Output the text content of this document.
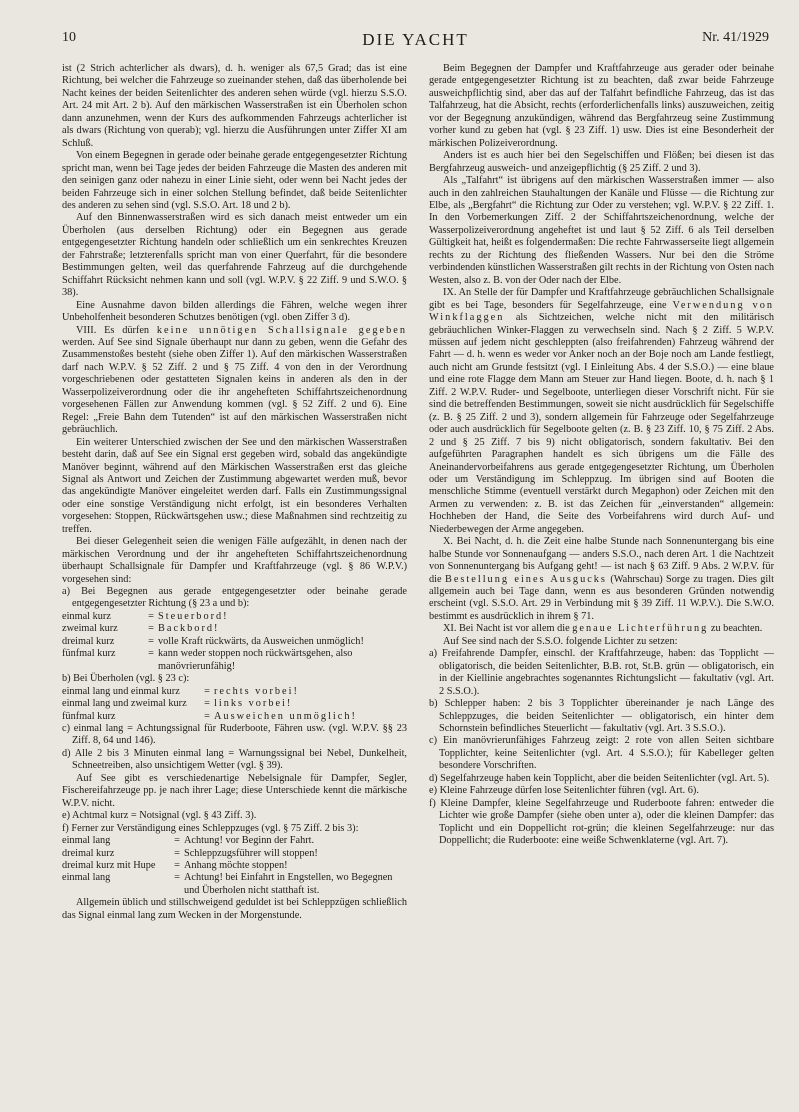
10	DIE YACHT	Nr. 41/1929

ist (2 Strich achterlicher als dwars), d. h. weniger als 67,5 Grad; das ist eine Richtung, bei welcher die Fahrzeuge so zueinander stehen, daß das überholende bei Nacht keines der beiden Seitenlichter des anderen sehen würde (vgl. hierzu S.S.O. Art. 24 mit Art. 2 b). Auf den märkischen Wasserstraßen ist ein Überholen schon dann anzunehmen, wenn der Kurs des aufkommenden Fahrzeugs achterlicher ist als dwars (Richtung von querab); vgl. hierzu die Ausführungen unter Ziffer XI am Schluß.

Von einem Begegnen in gerade oder beinahe gerade entgegengesetzter Richtung spricht man, wenn bei Tage jedes der beiden Fahrzeuge die Masten des anderen mit den seinigen ganz oder nahezu in einer Linie sieht, oder wenn bei Nacht jedes der beiden Fahrzeuge sich in einer solchen Stellung befindet, daß beide Seitenlichter des anderen zu sehen sind (vgl. S.S.O. Art. 18 und 2 b).

Auf den Binnenwasserstraßen wird es sich danach meist entweder um ein Überholen (aus derselben Richtung) oder ein Begegnen aus gerade entgegengesetzter Richtung handeln oder schließlich um ein senkrechtes Kreuzen der Fahrstraße; letzterenfalls spricht man von einer Querfahrt, für die besondere Bestimmungen gelten, weil das querfahrende Fahrzeug auf die durchgehende Schiffahrt Rücksicht nehmen kann und soll (vgl. W.P.V. § 22 Ziff. 9 und S.W.O. § 38).

Eine Ausnahme davon bilden allerdings die Fähren, welche wegen ihrer Unbeholfenheit besonderen Schutzes benötigen (vgl. oben Ziffer 3 d).

VIII. Es dürfen keine unnötigen Schallsignale gegeben werden. Auf See sind Signale überhaupt nur dann zu geben, wenn die Gefahr des Zusammenstoßes besteht (siehe oben Ziffer 1). Auf den märkischen Wasserstraßen darf nach W.P.V. § 52 Ziff. 2 und § 75 Ziff. 4 von den in der Verordnung vorgeschriebenen oder gestatteten Signalen keins in anderen als den in der Wasserpolizeiverordnung oder die ihr angehefteten Schiffahrtszeichenordnung vorgesehenen Fällen zur Anwendung kommen (vgl. § 52 Ziff. 2 und 6). Eine Regel: „Freie Bahn dem Tutenden“ ist auf den märkischen Wasserstraßen nicht gebräuchlich.

Ein weiterer Unterschied zwischen der See und den märkischen Wasserstraßen besteht darin, daß auf See ein Signal erst gegeben wird, sobald das angekündigte Manöver beginnt, während auf den Märkischen Wasserstraßen erst das gleiche Signal als Antwort und Zeichen der Zustimmung abgewartet werden muß, bevor das angekündigte Manöver eingeleitet werden darf. Falls ein Zustimmungssignal oder eine sonstige Verständigung nicht erfolgt, ist ein besonderes Verhalten vorgesehen: Stoppen, Rückwärtsgehen usw.; diese Maßnahmen sind rechtzeitig zu treffen.

Bei dieser Gelegenheit seien die wenigen Fälle aufgezählt, in denen nach der märkischen Verordnung und der ihr angehefteten Schiffahrtszeichenordnung überhaupt Schallsignale für Dampfer und Kraftfahrzeuge (vgl. § 86 W.P.V.) vorgesehen sind:

a) Bei Begegnen aus gerade entgegengesetzter oder beinahe gerade entgegengesetzter Richtung (§ 23 a und b):
einmal kurz	= Steuerbord!
zweimal kurz	= Backbord!
dreimal kurz	= volle Kraft rückwärts, da Ausweichen unmöglich!
fünfmal kurz	= kann weder stoppen noch rückwärtsgehen, also manövrierunfähig!
b) Bei Überholen (vgl. § 23 c):
einmal lang und einmal kurz	= rechts vorbei!
einmal lang und zweimal kurz	= links vorbei!
fünfmal kurz	= Ausweichen unmöglich!
c) einmal lang = Achtungssignal für Ruderboote, Fähren usw. (vgl. W.P.V. §§ 23 Ziff. 8, 64 und 146).
d) Alle 2 bis 3 Minuten einmal lang = Warnungssignal bei Nebel, Dunkelheit, Schneetreiben, also unsichtigem Wetter (vgl. § 39).

Auf See gibt es verschiedenartige Nebelsignale für Dampfer, Segler, Fischereifahrzeuge pp. je nach ihrer Lage; diese Unterschiede kennt die märkische W.P.V. nicht.

e) Achtmal kurz = Notsignal (vgl. § 43 Ziff. 3).
f) Ferner zur Verständigung eines Schleppzuges (vgl. § 75 Ziff. 2 bis 3):
einmal lang	= Achtung! vor Beginn der Fahrt.
dreimal kurz	= Schleppzugsführer will stoppen!
dreimal kurz mit Hupe	= Anhang möchte stoppen!
einmal lang	= Achtung! bei Einfahrt in Engstellen, wo Begegnen und Überholen nicht statthaft ist.

Allgemein üblich und stillschweigend geduldet ist bei Schleppzügen schließlich das Signal einmal lang zum Wecken in der Morgenstunde.

Beim Begegnen der Dampfer und Kraftfahrzeuge aus gerader oder beinahe gerade entgegengesetzter Richtung ist zu beachten, daß zwar beide Fahrzeuge ausweichpflichtig sind, aber das auf der Talfahrt befindliche Fahrzeug, das ist das Talfahrzeug, hat die Absicht, rechts (erforderlichenfalls links) auszuweichen, zeitig vor der Begegnung anzukündigen, während das Bergfahrzeug seine Zustimmung vorher kund zu geben hat (vgl. § 23 Ziff. 1) usw. Dies ist eine Besonderheit der märkischen Polizeiverordnung.

Anders ist es auch hier bei den Segelschiffen und Flößen; bei diesen ist das Bergfahrzeug ausweich- und anzeigepflichtig (§ 25 Ziff. 2 und 3).

Als „Talfahrt“ ist übrigens auf den märkischen Wasserstraßen immer — also auch in den zahlreichen Stauhaltungen der Kanäle und Flüsse — die Richtung zur Elbe, als „Bergfahrt“ die Richtung zur Oder zu verstehen; vgl. W.P.V. § 22 Ziff. 1. In den Vorbemerkungen Ziff. 2 der Schiffahrtszeichenordnung, welche der Wasserpolizeiverordnung angeheftet ist und laut § 52 Ziff. 6 als Teil derselben Gültigkeit hat, heißt es folgendermaßen: Die rechte Fahrwasserseite liegt allgemein rechts zu der Richtung des fließenden Wassers. Nur bei den die Ströme verbindenden künstlichen Wasserstraßen gilt rechts in der Richtung von Osten nach Westen, also z. B. von der Oder nach der Elbe.

IX. An Stelle der für Dampfer und Kraftfahrzeuge gebräuchlichen Schallsignale gibt es bei Tage, besonders für Segelfahrzeuge, eine Verwendung von Winkflaggen als Sichtzeichen, welche nicht mit den militärisch gebräuchlichen Winker-Flaggen zu verwechseln sind. Nach § 2 Ziff. 5 W.P.V. müssen auf jedem nicht geschleppten (also freifahrenden) Fahrzeug während der Fahrt — d. h. wenn es weder vor Anker noch an der Boje noch am Lande festliegt, auch nicht am Grunde festsitzt (vgl. I Einleitung Abs. 4 der S.S.O.) — eine blaue und eine rote Flagge dem Mann am Steuer zur Hand liegen. Boote, d. h. nach § 1 Ziff. 2 W.P.V. Ruder- und Segelboote, unterliegen dieser Vorschrift nicht. Für sie sind die betreffenden Bestimmungen, soweit sie nicht ausdrücklich für Segelschiffe (z. B. § 25 Ziff. 2 und 3), sondern allgemein für Fahrzeuge oder Segelfahrzeuge oder auch ausdrücklich für Segelboote gelten (z. B. § 23 Ziff. 10, § 75 Ziff. 2 Abs. 2 und § 25 Ziff. 7 bis 9) nicht obligatorisch, sondern fakultativ. Bei den aufgeführten Paragraphen handelt es sich übrigens um die Fälle des Aneinandervorbeifahrens aus gerade entgegengesetzter Richtung, um Überholen oder um Verständigung im Schleppzug. Im übrigen sind auf Booten die menschliche Stimme (eventuell verstärkt durch Megaphon) oder Zeichen mit den Armen zu verwenden: z. B. ist das Zeichen für „einverstanden“ allgemein: Hochheben der Hand, die Seite des Vorbeifahrens wird durch Auf- und Niederbewegen der Arme angegeben.

X. Bei Nacht, d. h. die Zeit eine halbe Stunde nach Sonnenuntergang bis eine halbe Stunde vor Sonnenaufgang — anders S.S.O., nach deren Art. 1 die Nachtzeit von Sonnenuntergang bis Aufgang geht! — ist nach § 63 Ziff. 9 Abs. 2 W.P.V. für die Bestellung eines Ausgucks (Wahrschau) Sorge zu tragen. Dies gilt allgemein auch bei Tage dann, wenn es aus besonderen Gründen notwendig erscheint (vgl. S.S.O. Art. 29 in Verbindung mit § 39 Ziff. 11 W.P.V.). Die S.W.O. bestimmt es ausdrücklich in ihrem § 71.

XI. Bei Nacht ist vor allem die genaue Lichterführung zu beachten.

Auf See sind nach der S.S.O. folgende Lichter zu setzen:

a) Freifahrende Dampfer, einschl. der Kraftfahrzeuge, haben: das Topplicht — obligatorisch, die beiden Seitenlichter, B.B. rot, St.B. grün — obligatorisch, ein in der Kiellinie angebrachtes sogenanntes Richtungslicht — fakultativ (vgl. Art. 2 S.S.O.).
b) Schlepper haben: 2 bis 3 Topplichter übereinander je nach Länge des Schleppzuges, die beiden Seitenlichter — obligatorisch, ein hinter dem Schornstein befindliches Steuerlicht — fakultativ (vgl. Art. 3 S.S.O.).
c) Ein manövrierunfähiges Fahrzeug zeigt: 2 rote von allen Seiten sichtbare Topplichter, keine Seitenlichter (vgl. Art. 4 S.S.O.); für Kabelleger gelten besondere Vorschriften.
d) Segelfahrzeuge haben kein Topplicht, aber die beiden Seitenlichter (vgl. Art. 5).
e) Kleine Fahrzeuge dürfen lose Seitenlichter führen (vgl. Art. 6).
f) Kleine Dampfer, kleine Segelfahrzeuge und Ruderboote fahren: entweder die Lichter wie große Dampfer (siehe oben unter a), oder die kleinen Dampfer: das Toplicht und ein Doppellicht rot-grün; die kleinen Segelfahrzeuge: nur das Doppellicht; die Ruderboote: eine weiße Schwenklaterne (vgl. Art. 7).
